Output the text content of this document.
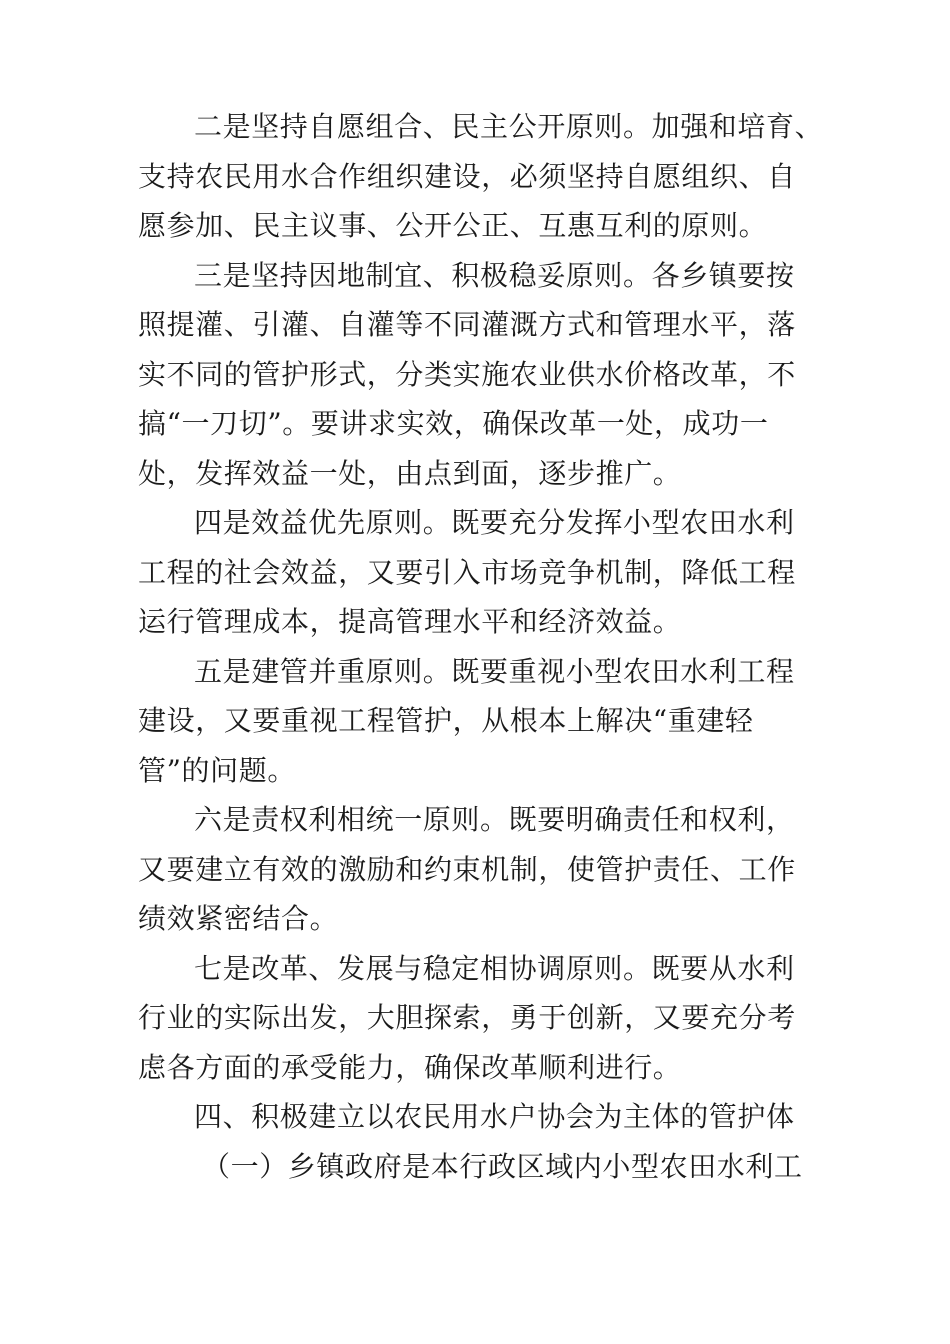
二是坚持自愿组合、民主公开原则。加强和培育、

支持农民用水合作组织建设，必须坚持自愿组织、自

愿参加、民主议事、公开公正、互惠互利的原则。

三是坚持因地制宜、积极稳妥原则。各乡镇要按

照提灌、引灌、自灌等不同灌溉方式和管理水平，落

实不同的管护形式，分类实施农业供水价格改革，不

搞“一刀切”。要讲求实效，确保改革一处，成功一

处，发挥效益一处，由点到面，逐步推广。

四是效益优先原则。既要充分发挥小型农田水利

工程的社会效益，又要引入市场竞争机制，降低工程

运行管理成本，提高管理水平和经济效益。

五是建管并重原则。既要重视小型农田水利工程

建设，又要重视工程管护，从根本上解决“重建轻

管”的问题。

六是责权利相统一原则。既要明确责任和权利，

又要建立有效的激励和约束机制，使管护责任、工作

绩效紧密结合。

七是改革、发展与稳定相协调原则。既要从水利

行业的实际出发，大胆探索，勇于创新，又要充分考

虑各方面的承受能力，确保改革顺利进行。

四、积极建立以农民用水户协会为主体的管护体

（一）乡镇政府是本行政区域内小型农田水利工
